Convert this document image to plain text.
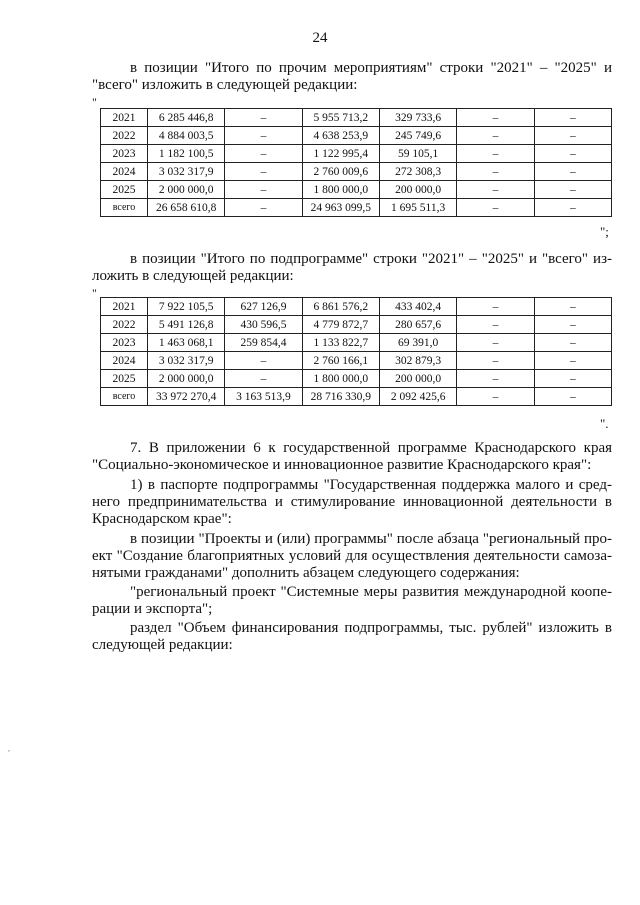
24
в позиции "Итого по прочим мероприятиям" строки "2021" – "2025" и
"всего" изложить в следующей редакции:
"
2021	6 285 446,8	–	5 955 713,2	329 733,6	–	–
2022	4 884 003,5	–	4 638 253,9	245 749,6	–	–
2023	1 182 100,5	–	1 122 995,4	59 105,1	–	–
2024	3 032 317,9	–	2 760 009,6	272 308,3	–	–
2025	2 000 000,0	–	1 800 000,0	200 000,0	–	–
всего	26 658 610,8	–	24 963 099,5	1 695 511,3	–	–
";
в позиции "Итого по подпрограмме" строки "2021" – "2025" и "всего" из-
ложить в следующей редакции:
"
2021	7 922 105,5	627 126,9	6 861 576,2	433 402,4	–	–
2022	5 491 126,8	430 596,5	4 779 872,7	280 657,6	–	–
2023	1 463 068,1	259 854,4	1 133 822,7	69 391,0	–	–
2024	3 032 317,9	–	2 760 166,1	302 879,3	–	–
2025	2 000 000,0	–	1 800 000,0	200 000,0	–	–
всего	33 972 270,4	3 163 513,9	28 716 330,9	2 092 425,6	–	–
".
7. В приложении 6 к государственной программе Краснодарского края
"Социально-экономическое и инновационное развитие Краснодарского края":
1) в паспорте подпрограммы "Государственная поддержка малого и сред-
него предпринимательства и стимулирование инновационной деятельности в
Краснодарском крае":
в позиции "Проекты и (или) программы" после абзаца "региональный про-
ект "Создание благоприятных условий для осуществления деятельности самоза-
нятыми гражданами" дополнить абзацем следующего содержания:
"региональный проект "Системные меры развития международной коопе-
рации и экспорта";
раздел "Объем финансирования подпрограммы, тыс. рублей" изложить в
следующей редакции:
,
